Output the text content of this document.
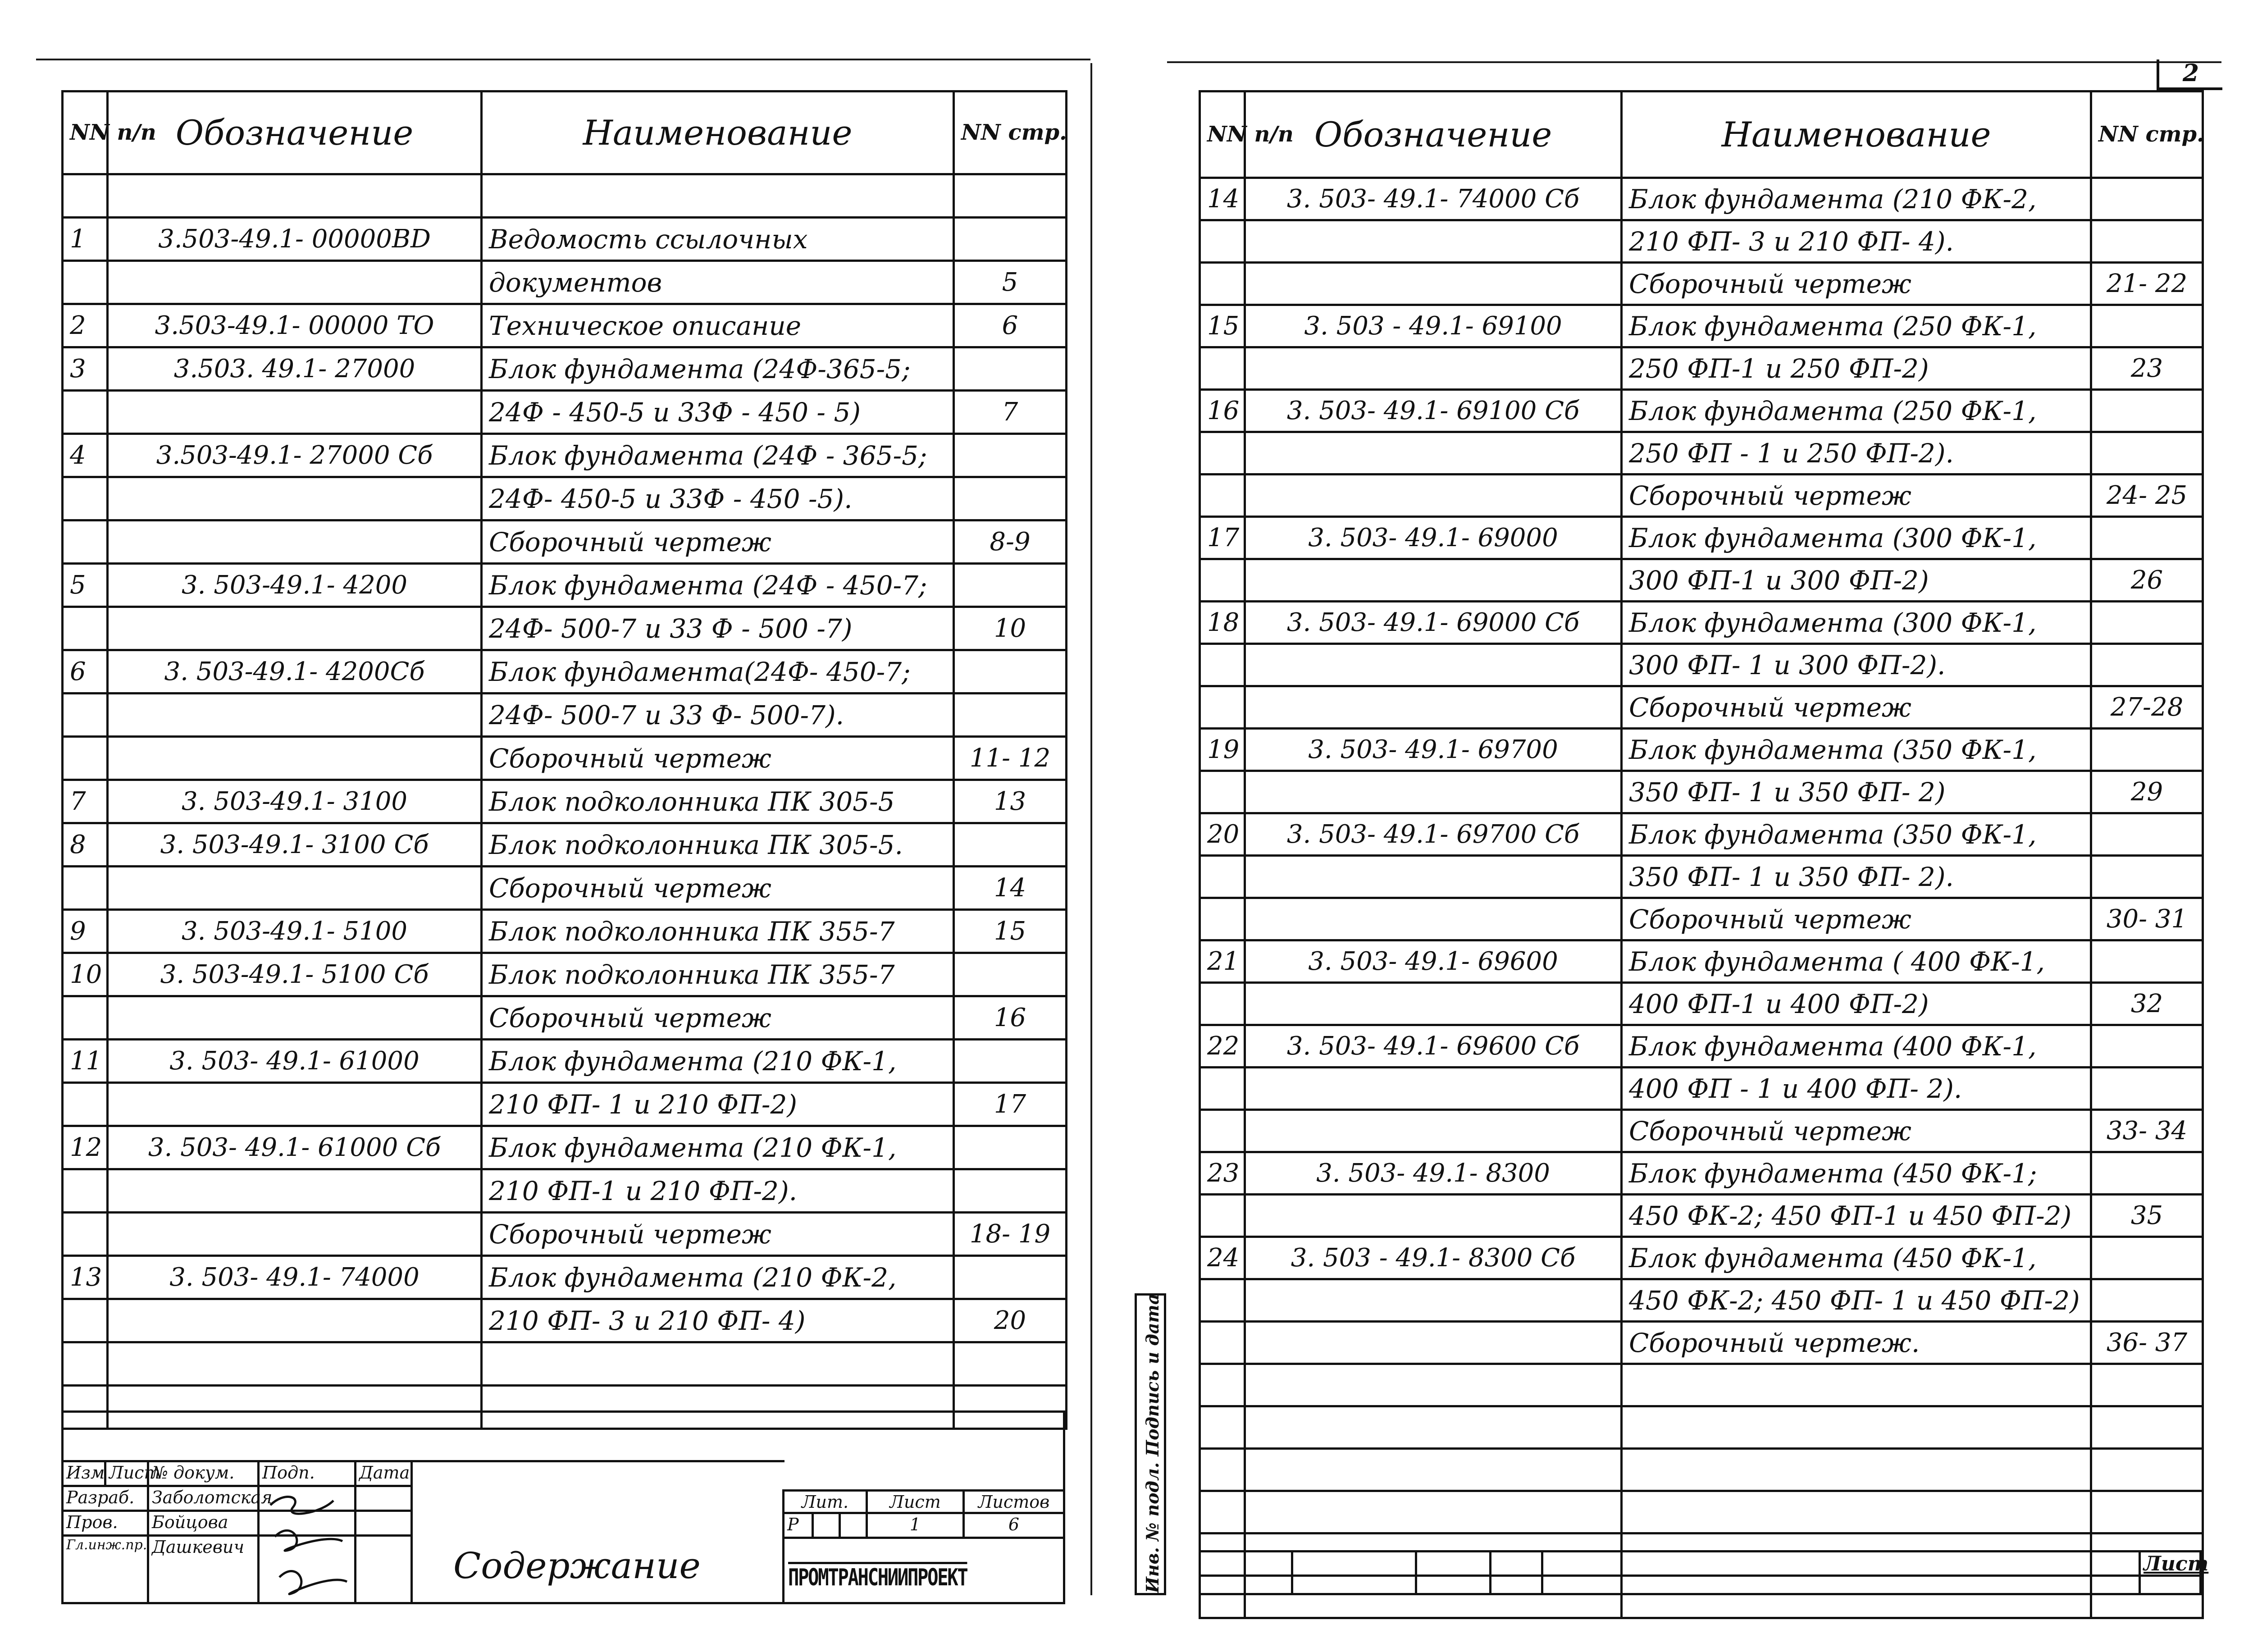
2
NN п/п	Обозначение	Наименование	NN стр.

1	3.503-49.1- 00000ВD	Ведомость ссылочных	
		документов	5
2	3.503-49.1- 00000 ТО	Техническое описание	6
3	3.503. 49.1- 27000	Блок фундамента (24Ф-365-5;	
		24Ф - 450-5 и 33Ф - 450 - 5)	7
4	3.503-49.1- 27000 Сб	Блок фундамента (24Ф - 365-5;	
		24Ф- 450-5 и 33Ф - 450 -5).	
		Сборочный чертеж	8-9
5	3. 503-49.1- 4200	Блок фундамента (24Ф - 450-7;	
		24Ф- 500-7 и 33 Ф - 500 -7)	10
6	3. 503-49.1- 4200Сб	Блок фундамента(24Ф- 450-7;	
		24Ф- 500-7 и 33 Ф- 500-7).	
		Сборочный чертеж	11- 12
7	3. 503-49.1- 3100	Блок подколонника ПК 305-5	13
8	3. 503-49.1- 3100 Сб	Блок подколонника ПК 305-5.	
		Сборочный чертеж	14
9	3. 503-49.1- 5100	Блок подколонника ПК 355-7	15
10	3. 503-49.1- 5100 Сб	Блок подколонника ПК 355-7	
		Сборочный чертеж	16
11	3. 503- 49.1- 61000	Блок фундамента (210 ФК-1,	
		210 ФП- 1 и 210 ФП-2)	17
12	3. 503- 49.1- 61000 Сб	Блок фундамента (210 ФК-1,	
		210 ФП-1 и 210 ФП-2).	
		Сборочный чертеж	18- 19
13	3. 503- 49.1- 74000	Блок фундамента (210 ФК-2,	
		210 ФП- 3 и 210 ФП- 4)	20

Изм Лист
№ докум.	Подп.	Дата
Разраб.	Заболотская
Пров.	Бойцова
Гл.инж.пр. Дашкевич	Содержание
Лит.	Лист	Листов
Р	1	6
ПРОМТРАНСНИИПРОЕКТ
NN п/п	Обозначение	Наименование	NN стр.
14	3. 503- 49.1- 74000 Сб	Блок фундамента (210 ФК-2,	
		210 ФП- 3 и 210 ФП- 4).	
		Сборочный чертеж	21- 22
15	3. 503 - 49.1- 69100	Блок фундамента (250 ФК-1,	
		250 ФП-1 и 250 ФП-2)	23
16	3. 503- 49.1- 69100 Сб	Блок фундамента (250 ФК-1,	
		250 ФП - 1 и 250 ФП-2).	
		Сборочный чертеж	24- 25
17	3. 503- 49.1- 69000	Блок фундамента (300 ФК-1,	
		300 ФП-1 и 300 ФП-2)	26
18	3. 503- 49.1- 69000 Сб	Блок фундамента (300 ФК-1,	
		300 ФП- 1 и 300 ФП-2).	
		Сборочный чертеж	27-28
19	3. 503- 49.1- 69700	Блок фундамента (350 ФК-1,	
		350 ФП- 1 и 350 ФП- 2)	29
20	3. 503- 49.1- 69700 Сб	Блок фундамента (350 ФК-1,	
		350 ФП- 1 и 350 ФП- 2).	
		Сборочный чертеж	30- 31
21	3. 503- 49.1- 69600	Блок фундамента ( 400 ФК-1,	
		400 ФП-1 и 400 ФП-2)	32
22	3. 503- 49.1- 69600 Сб	Блок фундамента (400 ФК-1,	
		400 ФП - 1 и 400 ФП- 2).	
		Сборочный чертеж	33- 34
23	3. 503- 49.1- 8300	Блок фундамента (450 ФК-1;	
		450 ФК-2; 450 ФП-1 и 450 ФП-2)	35
24	3. 503 - 49.1- 8300 Сб	Блок фундамента (450 ФК-1,	
		450 ФК-2; 450 ФП- 1 и 450 ФП-2)	
		Сборочный чертеж.	36- 37

Инв. № подл. Подпись и дата	Лист
